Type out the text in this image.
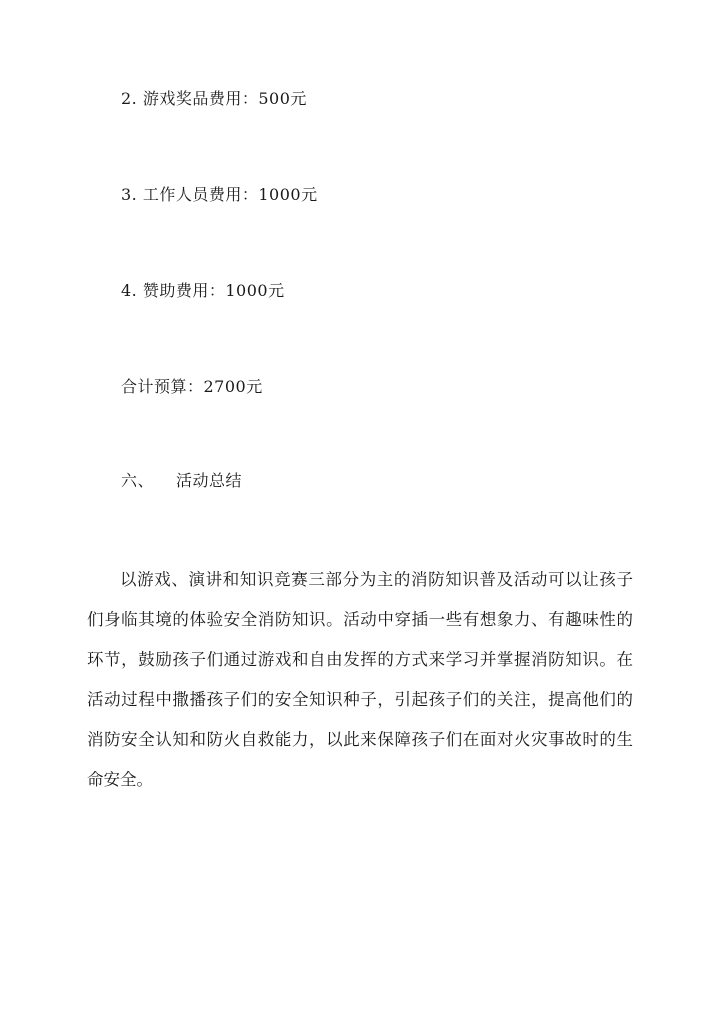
2. 游戏奖品费用：500元
3. 工作人员费用：1000元
4. 赞助费用：1000元
合计预算：2700元
六、 活动总结
以游戏、演讲和知识竞赛三部分为主的消防知识普及活动可以让孩子
们身临其境的体验安全消防知识。活动中穿插一些有想象力、有趣味性的
环节，鼓励孩子们通过游戏和自由发挥的方式来学习并掌握消防知识。在
活动过程中撒播孩子们的安全知识种子，引起孩子们的关注，提高他们的
消防安全认知和防火自救能力，以此来保障孩子们在面对火灾事故时的生
命安全。
